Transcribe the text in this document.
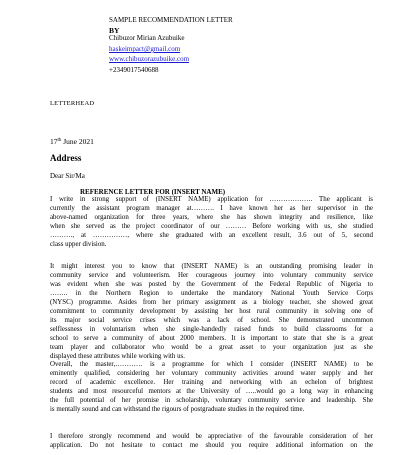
SAMPLE RECOMMENDATION LETTER
BY
Chibuzor Mirian Azubuike
haskeimpact@gmail.com
www.chibuzorazubuike.com
+2349017540688
LETTERHEAD
17th June 2021
Address
Dear Sir/Ma
REFERENCE LETTER FOR (INSERT NAME)
I write in strong support of (INSERT NAME) application for ………………. The applicant is
currently the assistant program manager at………. I have known her as her supervisor in the
above-named organization for three years, where she has shown integrity and resilience, like
when she served as the project coordinator of our ……… Before working with us, she studied
………., at ……………, where she graduated with an excellent result, 3.6 out of 5, second
class upper division.
It might interest you to know that (INSERT NAME) is an outstanding promising leader in
community service and volunteerism. Her courageous journey into voluntary community service
was evident when she was posted by the Government of the Federal Republic of Nigeria to
…….. in the Northern Region to undertake the mandatory National Youth Service Corps
(NYSC) programme. Asides from her primary assignment as a biology teacher, she showed great
commitment to community development by assisting her host rural community in solving one of
its major social service crises which was a lack of school. She demonstrated uncommon
selflessness in voluntarism when she single-handedly raised funds to build classrooms for a
school to serve a community of about 2000 members. It is important to state that she is a great
team player and collaborator who would be a great asset to your organization just as she
displayed these attributes while working with us.
Overall, the master,………… is a programme for which I consider (INSERT NAME) to be
eminently qualified, considering her voluntary community activities around water supply and her
record of academic excellence. Her training and networking with an echelon of brightest
students and most resourceful mentors at the University of …..would go a long way in enhancing
the full potential of her promise in scholarship, voluntary community service and leadership. She
is mentally sound and can withstand the rigours of postgraduate studies in the required time.
I therefore strongly recommend and would be appreciative of the favourable consideration of her
application. Do not hesitate to contact me should you require additional information on the
